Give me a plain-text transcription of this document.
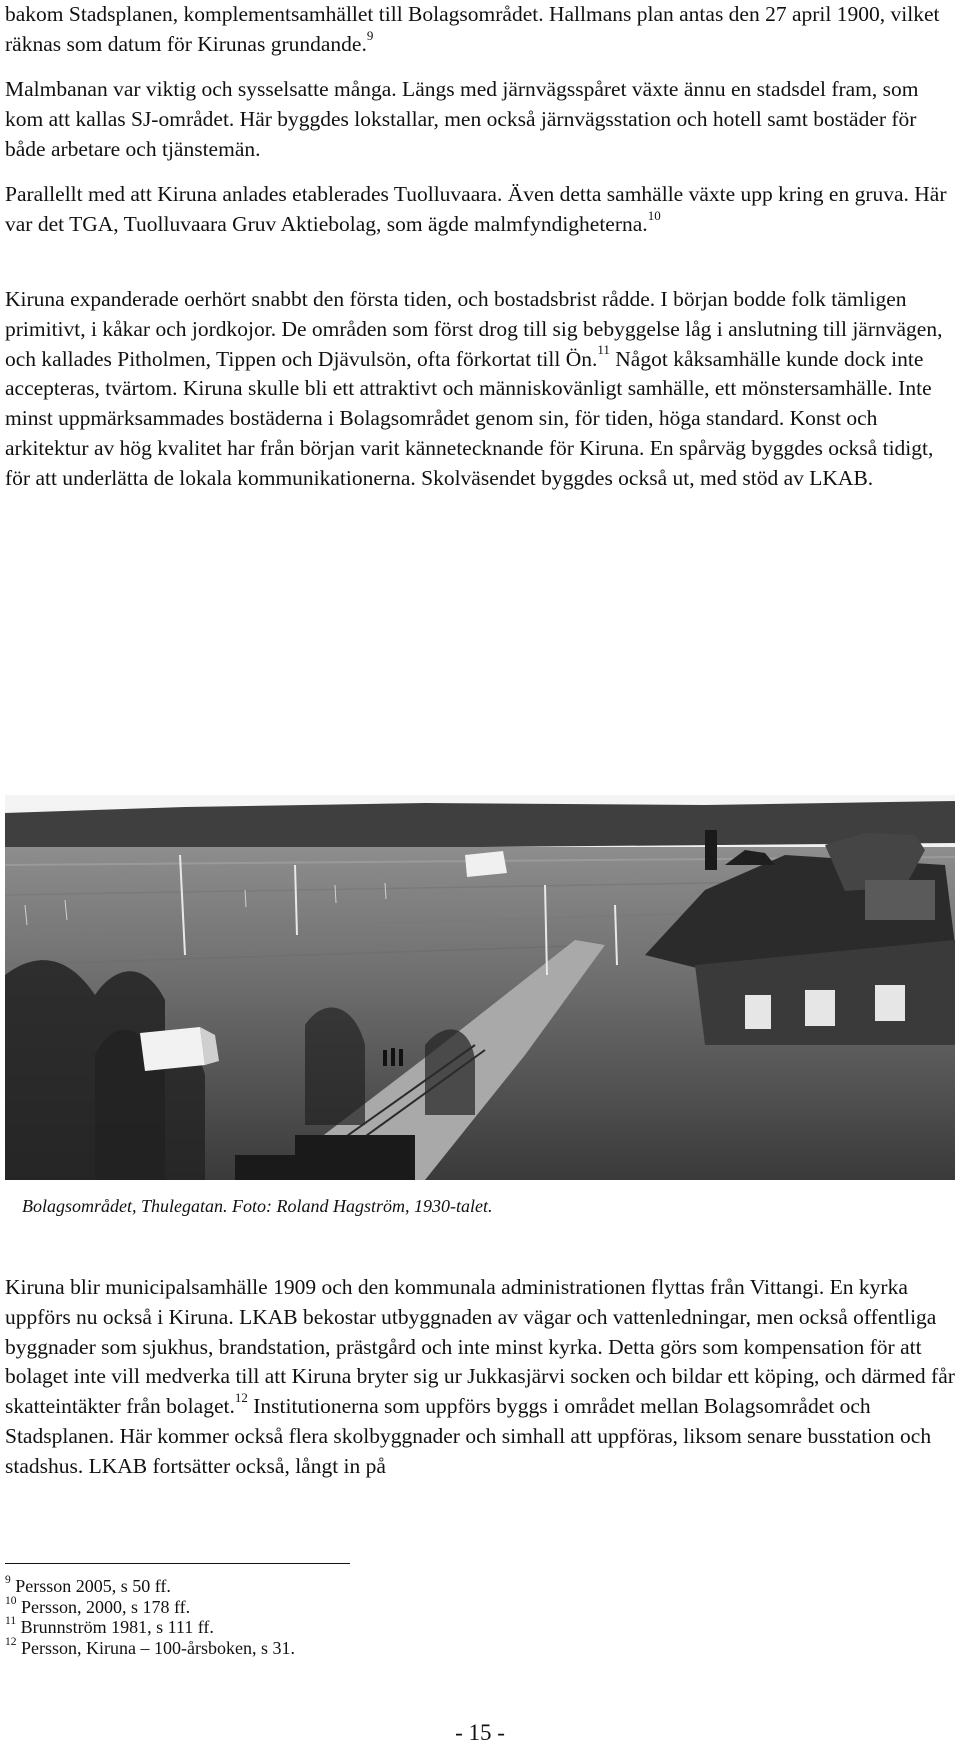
bakom Stadsplanen, komplementsamhället till Bolagsområdet. Hallmans plan antas den 27 april 1900, vilket räknas som datum för Kirunas grundande.$^9$

Malmbanan var viktig och sysselsatte många. Längs med järnvägsspåret växte ännu en stadsdel fram, som kom att kallas SJ-området. Här byggdes lokstallar, men också järnvägsstation och hotell samt bostäder för både arbetare och tjänstemän.

Parallellt med att Kiruna anlades etablerades Tuolluvaara. Även detta samhälle växte upp kring en gruva. Här var det TGA, Tuolluvaara Gruv Aktiebolag, som ägde malmfyndigheterna.$^{10}$

Kiruna expanderade oerhört snabbt den första tiden, och bostadsbrist rådde. I början bodde folk tämligen primitivt, i kåkar och jordkojor. De områden som först drog till sig bebyggelse låg i anslutning till järnvägen, och kallades Pitholmen, Tippen och Djävulsön, ofta förkortat till Ön.$^{11}$ Något kåksamhälle kunde dock inte accepteras, tvärtom. Kiruna skulle bli ett attraktivt och människovänligt samhälle, ett mönstersamhälle. Inte minst uppmärksammades bostäderna i Bolagsområdet genom sin, för tiden, höga standard. Konst och arkitektur av hög kvalitet har från början varit kännetecknande för Kiruna. En spårväg byggdes också tidigt, för att underlätta de lokala kommunikationerna. Skolväsendet byggdes också ut, med stöd av LKAB.

Bolagsområdet, Thulegatan. Foto: Roland Hagström, 1930-talet.

Kiruna blir municipalsamhälle 1909 och den kommunala administrationen flyttas från Vittangi. En kyrka uppförs nu också i Kiruna. LKAB bekostar utbyggnaden av vägar och vattenledningar, men också offentliga byggnader som sjukhus, brandstation, prästgård och inte minst kyrka. Detta görs som kompensation för att bolaget inte vill medverka till att Kiruna bryter sig ur Jukkasjärvi socken och bildar ett köping, och därmed får skatteintäkter från bolaget.$^{12}$ Institutionerna som uppförs byggs i området mellan Bolagsområdet och Stadsplanen. Här kommer också flera skolbyggnader och simhall att uppföras, liksom senare busstation och stadshus. LKAB fortsätter också, långt in på

$^9$ Persson 2005, s 50 ff.
$^{10}$ Persson, 2000, s 178 ff.
$^{11}$ Brunnström 1981, s 111 ff.
$^{12}$ Persson, Kiruna – 100-årsboken, s 31.
- 15 -
